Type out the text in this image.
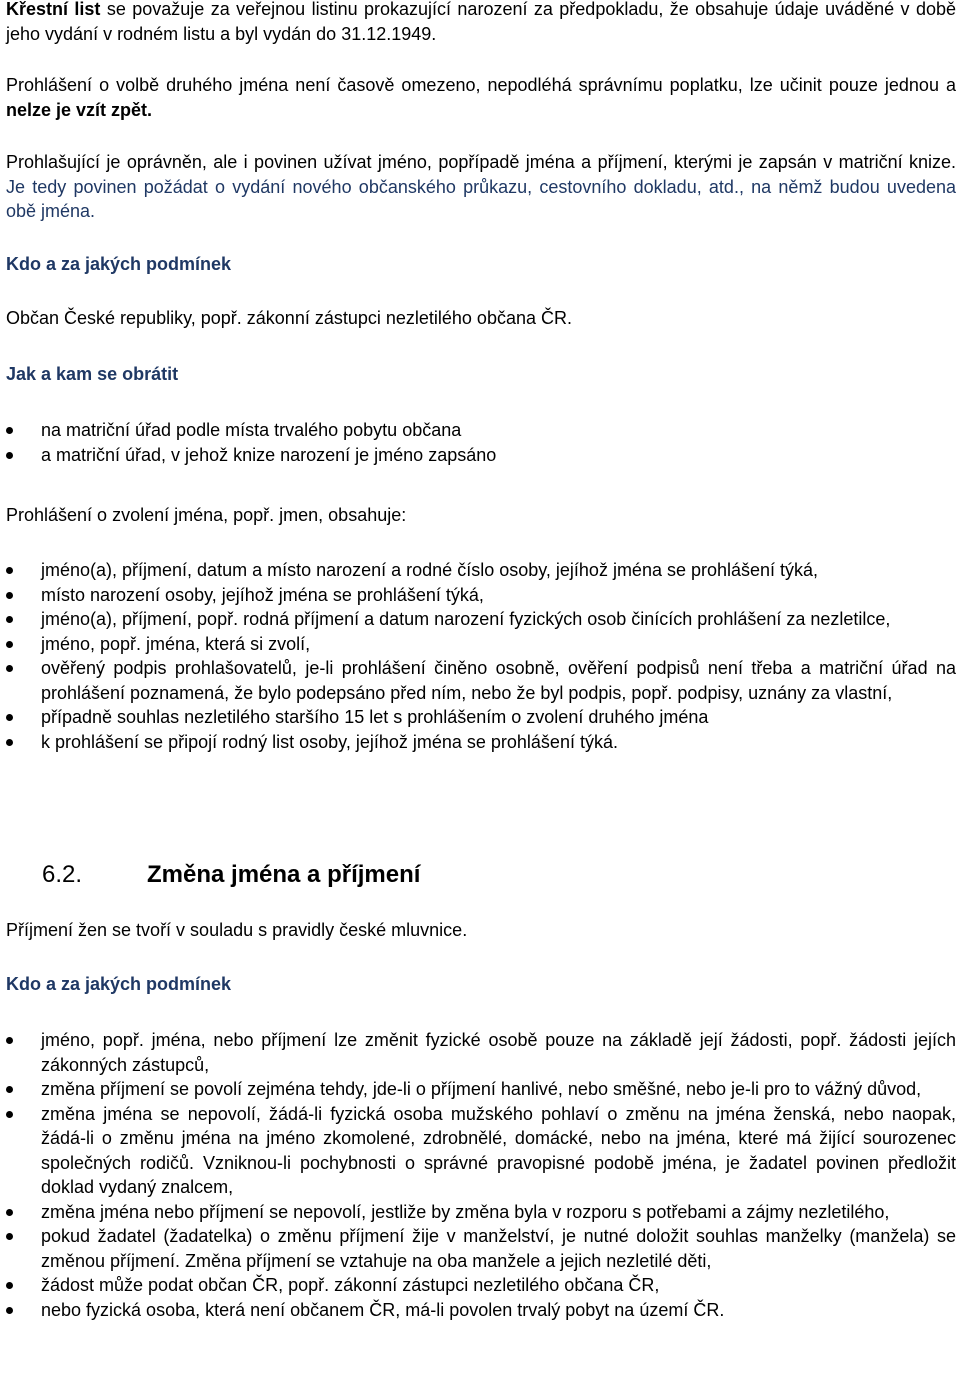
Křestní list se považuje za veřejnou listinu prokazující narození za předpokladu, že obsahuje údaje uváděné v době jeho vydání v rodném listu a byl vydán do 31.12.1949.

Prohlášení o volbě druhého jména není časově omezeno, nepodléhá správnímu poplatku, lze učinit pouze jednou a nelze je vzít zpět.

Prohlašující je oprávněn, ale i povinen užívat jméno, popřípadě jména a příjmení, kterými je zapsán v matriční knize. Je tedy povinen požádat o vydání nového občanského průkazu, cestovního dokladu, atd., na němž budou uvedena obě jména.

Kdo a za jakých podmínek

Občan České republiky, popř. zákonní zástupci nezletilého občana ČR.

Jak a kam se obrátit
na matriční úřad podle místa trvalého pobytu občana
a matriční úřad, v jehož knize narození je jméno zapsáno

Prohlášení o zvolení jména, popř. jmen, obsahuje:

jméno(a), příjmení, datum a místo narození a rodné číslo osoby, jejíhož jména se prohlášení týká,
místo narození osoby, jejíhož jména se prohlášení týká,
jméno(a), příjmení, popř. rodná příjmení a datum narození fyzických osob činících prohlášení za nezletilce,
jméno, popř. jména, která si zvolí,
ověřený podpis prohlašovatelů, je-li prohlášení činěno osobně, ověření podpisů není třeba a matriční úřad na prohlášení poznamená, že bylo podepsáno před ním, nebo že byl podpis, popř. podpisy, uznány za vlastní,
případně souhlas nezletilého staršího 15 let s prohlášením o zvolení druhého jména
k prohlášení se připojí rodný list osoby, jejíhož jména se prohlášení týká.
6.2.	Změna jména a příjmení

Příjmení žen se tvoří v souladu s pravidly české mluvnice.

Kdo a za jakých podmínek
jméno, popř. jména, nebo příjmení lze změnit fyzické osobě pouze na základě její žádosti, popř. žádosti jejích zákonných zástupců,
změna příjmení se povolí zejména tehdy, jde-li o příjmení hanlivé, nebo směšné, nebo je-li pro to vážný důvod,
změna jména se nepovolí, žádá-li fyzická osoba mužského pohlaví o změnu na jména ženská, nebo naopak, žádá-li o změnu jména na jméno zkomolené, zdrobnělé, domácké, nebo na jména, které má žijící sourozenec společných rodičů. Vzniknou-li pochybnosti o správné pravopisné podobě jména, je žadatel povinen předložit doklad vydaný znalcem,
změna jména nebo příjmení se nepovolí, jestliže by změna byla v rozporu s potřebami a zájmy nezletilého,
pokud žadatel (žadatelka) o změnu příjmení žije v manželství, je nutné doložit souhlas manželky (manžela) se změnou příjmení. Změna příjmení se vztahuje na oba manžele a jejich nezletilé děti,
žádost může podat občan ČR, popř. zákonní zástupci nezletilého občana ČR,
nebo fyzická osoba, která není občanem ČR, má-li povolen trvalý pobyt na území ČR.
